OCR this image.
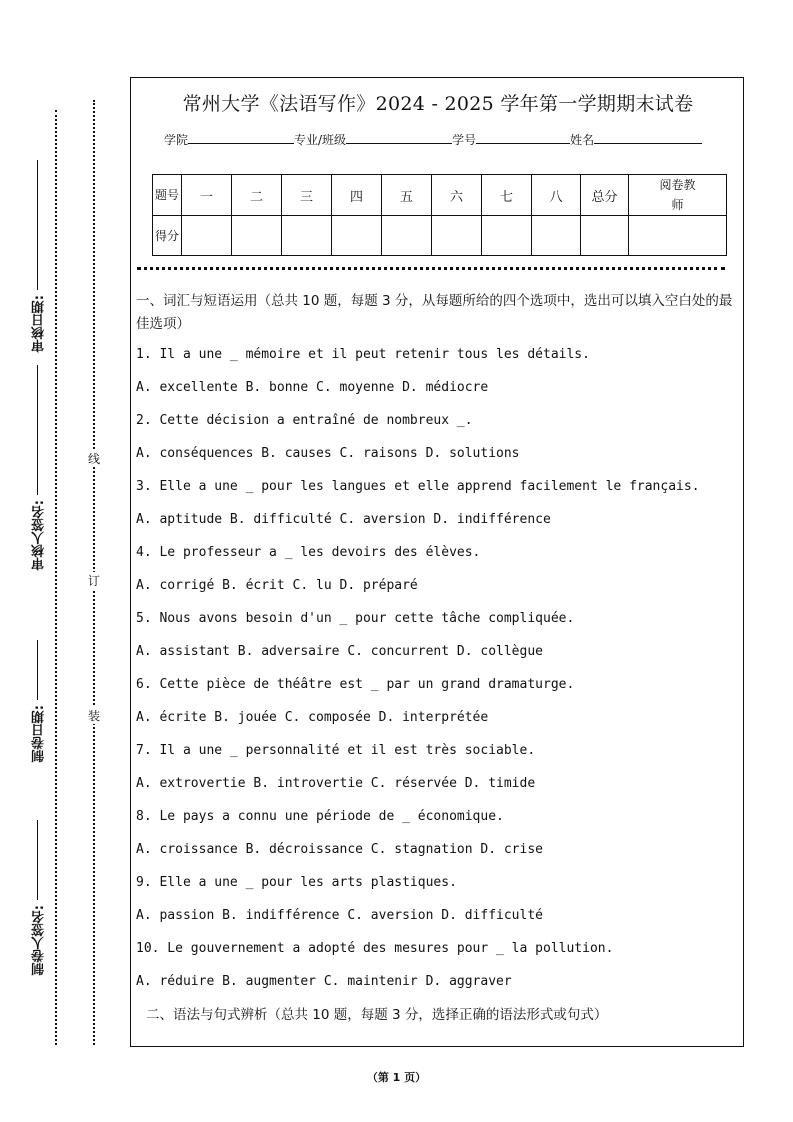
审核日期:
审核人签名:
制卷日期:
制卷人签名:
线
订
装
常州大学《法语写作》2024 - 2025 学年第一学期期末试卷
学院	专业/班级	学号	姓名
题号	一	二	三	四	五	六	七	八	总分	阅卷教师
得分										
一、词汇与短语运用（总共 10 题，每题 3 分，从每题所给的四个选项中，选出可以填入空白处的最佳选项）
1. Il a une _ mémoire et il peut retenir tous les détails.
A. excellente B. bonne C. moyenne D. médiocre
2. Cette décision a entraîné de nombreux _.
A. conséquences B. causes C. raisons D. solutions
3. Elle a une _ pour les langues et elle apprend facilement le français.
A. aptitude B. difficulté C. aversion D. indifférence
4. Le professeur a _ les devoirs des élèves.
A. corrigé B. écrit C. lu D. préparé
5. Nous avons besoin d'un _ pour cette tâche compliquée.
A. assistant B. adversaire C. concurrent D. collègue
6. Cette pièce de théâtre est _ par un grand dramaturge.
A. écrite B. jouée C. composée D. interprétée
7. Il a une _ personnalité et il est très sociable.
A. extrovertie B. introvertie C. réservée D. timide
8. Le pays a connu une période de _ économique.
A. croissance B. décroissance C. stagnation D. crise
9. Elle a une _ pour les arts plastiques.
A. passion B. indifférence C. aversion D. difficulté
10. Le gouvernement a adopté des mesures pour _ la pollution.
A. réduire B. augmenter C. maintenir D. aggraver
二、语法与句式辨析（总共 10 题，每题 3 分，选择正确的语法形式或句式）
（第 1 页）
